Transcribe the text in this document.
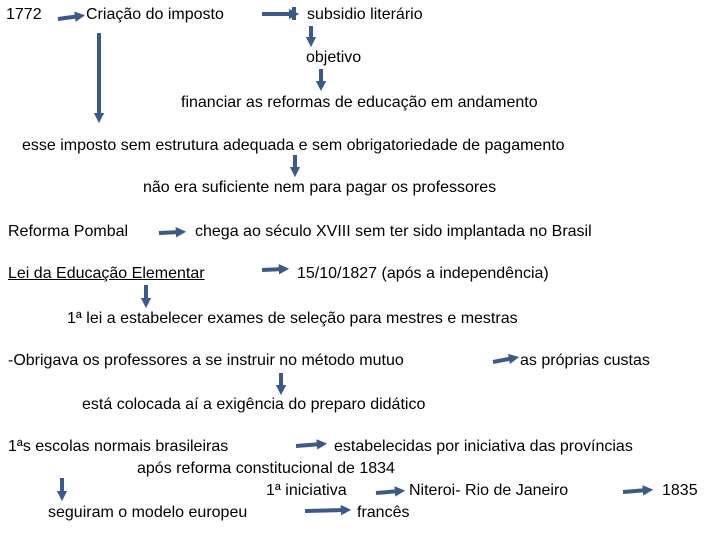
1772	Criação do imposto	subsidio literário

objetivo

financiar as reformas de educação em andamento

esse imposto sem estrutura adequada e sem obrigatoriedade de pagamento

não era suficiente nem para pagar os professores

Reforma Pombal	chega ao século XVIII sem ter sido implantada no Brasil

Lei da Educação Elementar	15/10/1827 (após a independência)

1ª lei a estabelecer exames de seleção para mestres e mestras

-Obrigava os professores a se instruir no método mutuo	as próprias custas

está colocada aí a exigência do preparo didático

1ªs escolas normais brasileiras	estabelecidas por iniciativa das províncias

após reforma constitucional de 1834

1ª iniciativa	Niteroi- Rio de Janeiro	1835

seguiram o modelo europeu	francês
